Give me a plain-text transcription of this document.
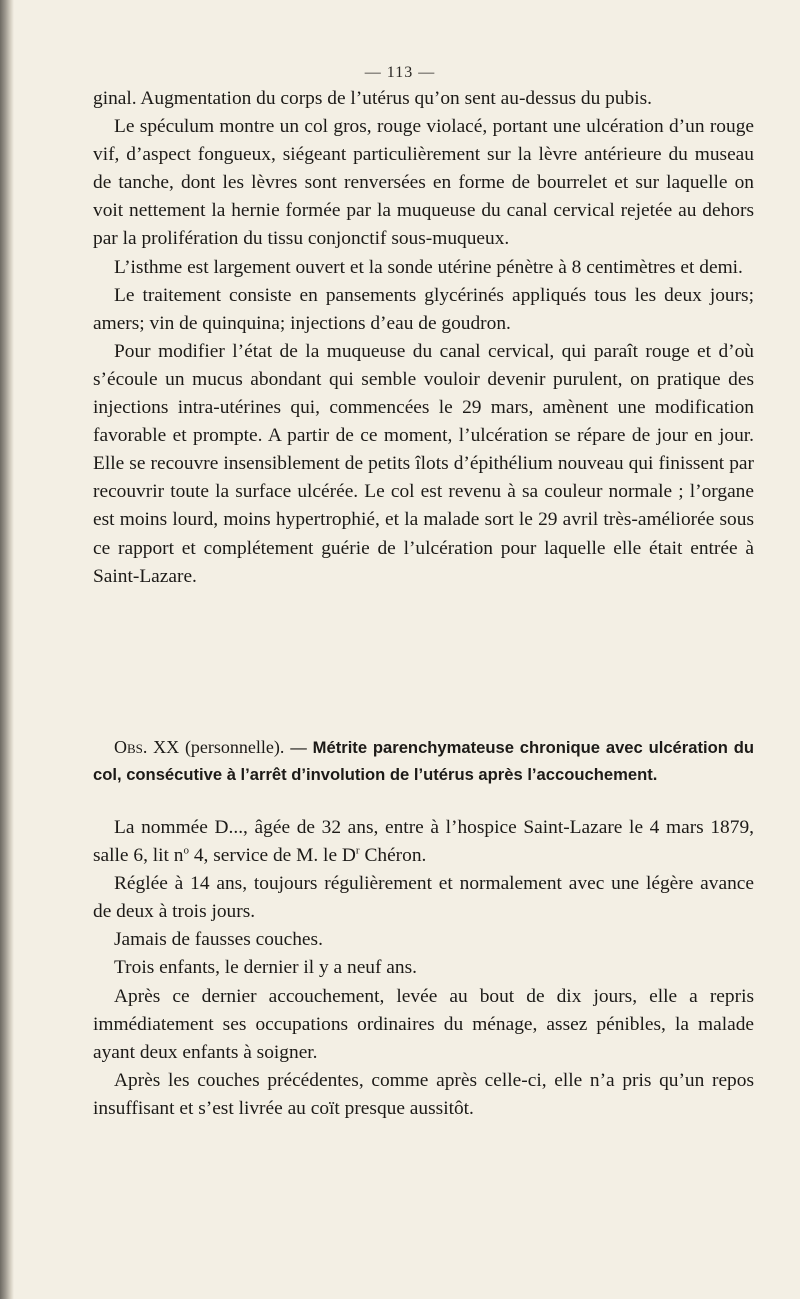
— 113 —

ginal. Augmentation du corps de l’utérus qu’on sent au-dessus du pubis.

Le spéculum montre un col gros, rouge violacé, portant une ulcération d’un rouge vif, d’aspect fongueux, siégeant particulièrement sur la lèvre antérieure du museau de tanche, dont les lèvres sont renversées en forme de bourrelet et sur laquelle on voit nettement la hernie formée par la muqueuse du canal cervical rejetée au dehors par la prolifération du tissu conjonctif sous-muqueux.

L’isthme est largement ouvert et la sonde utérine pénètre à 8 centimètres et demi.

Le traitement consiste en pansements glycérinés appliqués tous les deux jours; amers; vin de quinquina; injections d’eau de goudron.

Pour modifier l’état de la muqueuse du canal cervical, qui paraît rouge et d’où s’écoule un mucus abondant qui semble vouloir devenir purulent, on pratique des injections intra-utérines qui, commencées le 29 mars, amènent une modification favorable et prompte. A partir de ce moment, l’ulcération se répare de jour en jour. Elle se recouvre insensiblement de petits îlots d’épithélium nouveau qui finissent par recouvrir toute la surface ulcérée. Le col est revenu à sa couleur normale ; l’organe est moins lourd, moins hypertrophié, et la malade sort le 29 avril très-améliorée sous ce rapport et complétement guérie de l’ulcération pour laquelle elle était entrée à Saint-Lazare.

Obs. XX (personnelle). — Métrite parenchymateuse chronique avec ulcération du col, consécutive à l’arrêt d’involution de l’utérus après l’accouchement.

La nommée D..., âgée de 32 ans, entre à l’hospice Saint-Lazare le 4 mars 1879, salle 6, lit $n^o$ 4, service de M. le $D^r$ Chéron.

Réglée à 14 ans, toujours régulièrement et normalement avec une légère avance de deux à trois jours.

Jamais de fausses couches.

Trois enfants, le dernier il y a neuf ans.

Après ce dernier accouchement, levée au bout de dix jours, elle a repris immédiatement ses occupations ordinaires du ménage, assez pénibles, la malade ayant deux enfants à soigner.

Après les couches précédentes, comme après celle-ci, elle n’a pris qu’un repos insuffisant et s’est livrée au coït presque aussitôt.
